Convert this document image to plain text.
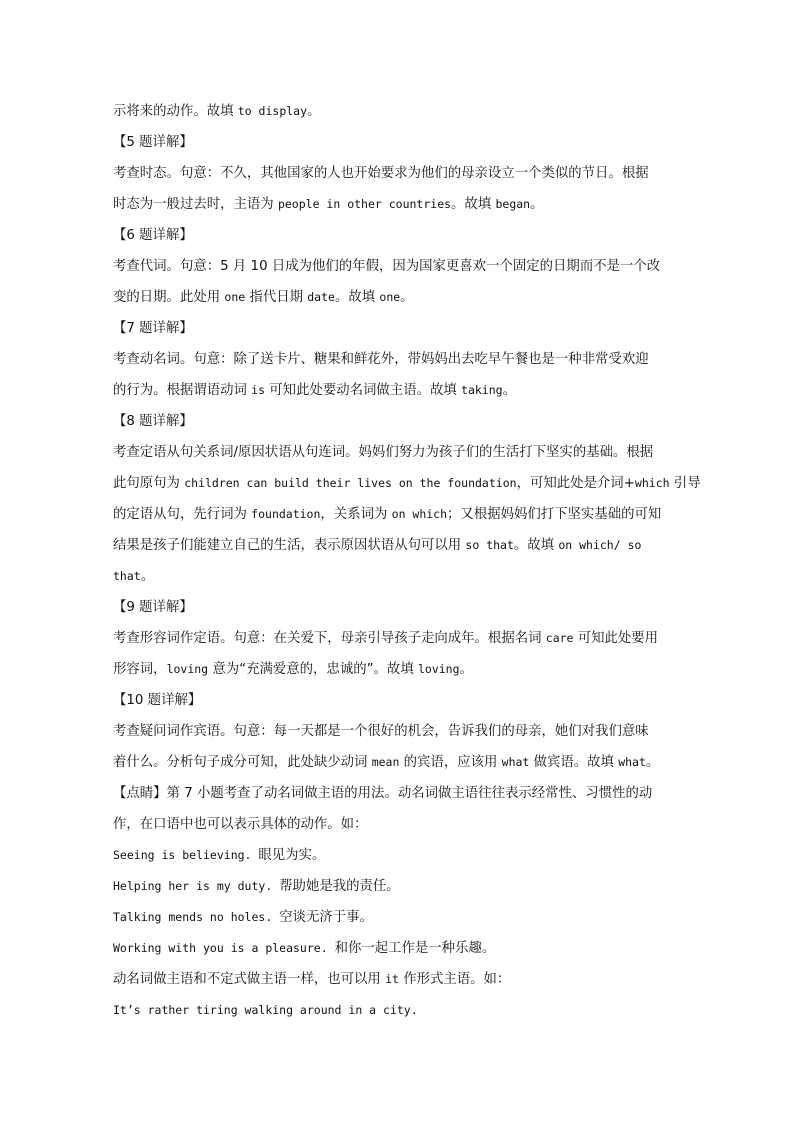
示将来的动作。故填 to display。
【5 题详解】
考查时态。句意：不久，其他国家的人也开始要求为他们的母亲设立一个类似的节日。根据
时态为一般过去时，主语为 people in other countries。故填 began。
【6 题详解】
考查代词。句意：5 月 10 日成为他们的年假，因为国家更喜欢一个固定的日期而不是一个改
变的日期。此处用 one 指代日期 date。故填 one。
【7 题详解】
考查动名词。句意：除了送卡片、糖果和鲜花外，带妈妈出去吃早午餐也是一种非常受欢迎
的行为。根据谓语动词 is 可知此处要动名词做主语。故填 taking。
【8 题详解】
考查定语从句关系词/原因状语从句连词。妈妈们努力为孩子们的生活打下坚实的基础。根据
此句原句为 children can build their lives on the foundation，可知此处是介词+which 引导
的定语从句，先行词为 foundation，关系词为 on which；又根据妈妈们打下坚实基础的可知
结果是孩子们能建立自己的生活，表示原因状语从句可以用 so that。故填 on which/ so
that。
【9 题详解】
考查形容词作定语。句意：在关爱下，母亲引导孩子走向成年。根据名词 care 可知此处要用
形容词，loving 意为“充满爱意的，忠诚的”。故填 loving。
【10 题详解】
考查疑问词作宾语。句意：每一天都是一个很好的机会，告诉我们的母亲，她们对我们意味
着什么。分析句子成分可知，此处缺少动词 mean 的宾语，应该用 what 做宾语。故填 what。
【点睛】第 7 小题考查了动名词做主语的用法。动名词做主语往往表示经常性、习惯性的动
作，在口语中也可以表示具体的动作。如：
Seeing is believing. 眼见为实。
Helping her is my duty. 帮助她是我的责任。
Talking mends no holes. 空谈无济于事。
Working with you is a pleasure. 和你一起工作是一种乐趣。
动名词做主语和不定式做主语一样，也可以用 it 作形式主语。如：
It’s rather tiring walking around in a city.
